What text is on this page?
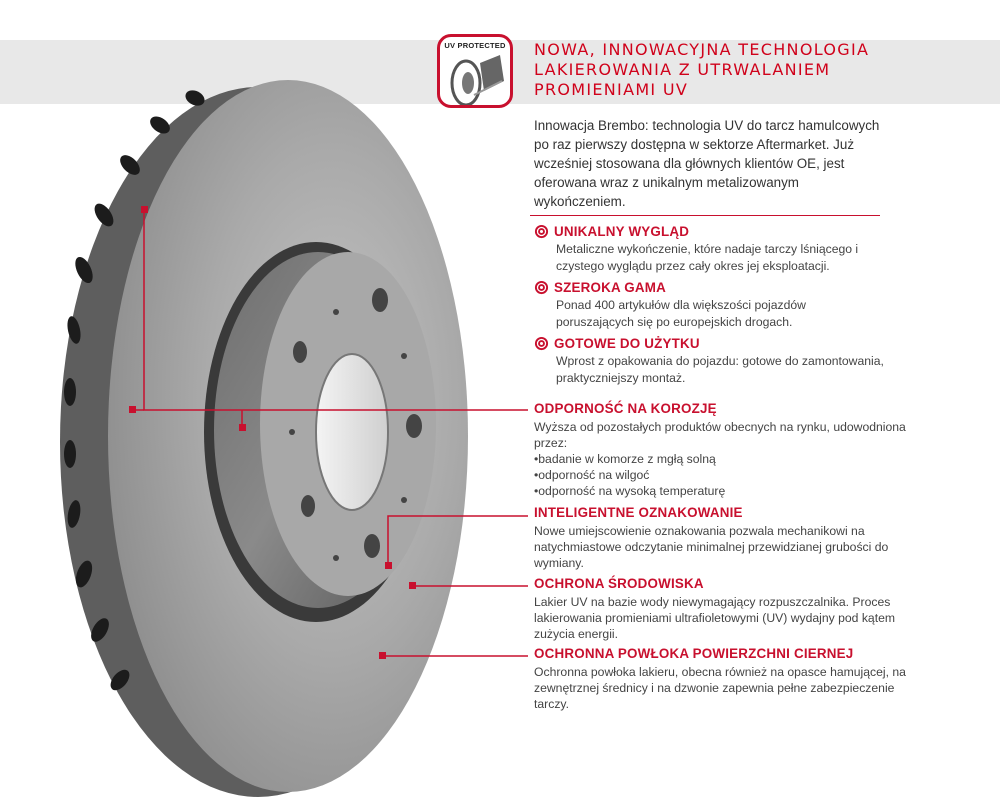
UV PROTECTED NOWA, INNOWACYJNA TECHNOLOGIA
LAKIEROWANIA Z UTRWALANIEM
PROMIENIAMI UV
Innowacja Brembo: technologia UV do tarcz hamulcowych po raz pierwszy dostępna w sektorze Aftermarket. Już wcześniej stosowana dla głównych klientów OE, jest oferowana wraz z unikalnym metalizowanym wykończeniem.
UNIKALNY WYGLĄD
Metaliczne wykończenie, które nadaje tarczy lśniącego i czystego wyglądu przez cały okres jej eksploatacji.
SZEROKA GAMA
Ponad 400 artykułów dla większości pojazdów poruszających się po europejskich drogach.
GOTOWE DO UŻYTKU
Wprost z opakowania do pojazdu: gotowe do zamontowania, praktyczniejszy montaż.
ODPORNOŚĆ NA KOROZJĘ
Wyższa od pozostałych produktów obecnych na rynku, udowodniona przez:
• badanie w komorze z mgłą solną
• odporność na wilgoć
• odporność na wysoką temperaturę
INTELIGENTNE OZNAKOWANIE
Nowe umiejscowienie oznakowania pozwala mechanikowi na natychmiastowe odczytanie minimalnej przewidzianej grubości do wymiany.
OCHRONA ŚRODOWISKA
Lakier UV na bazie wody niewymagający rozpuszczalnika. Proces lakierowania promieniami ultrafioletowymi (UV) wydajny pod kątem zużycia energii.
OCHRONNA POWŁOKA POWIERZCHNI CIERNEJ
Ochronna powłoka lakieru, obecna również na opasce hamującej, na zewnętrznej średnicy i na dzwonie zapewnia pełne zabezpieczenie tarczy.
